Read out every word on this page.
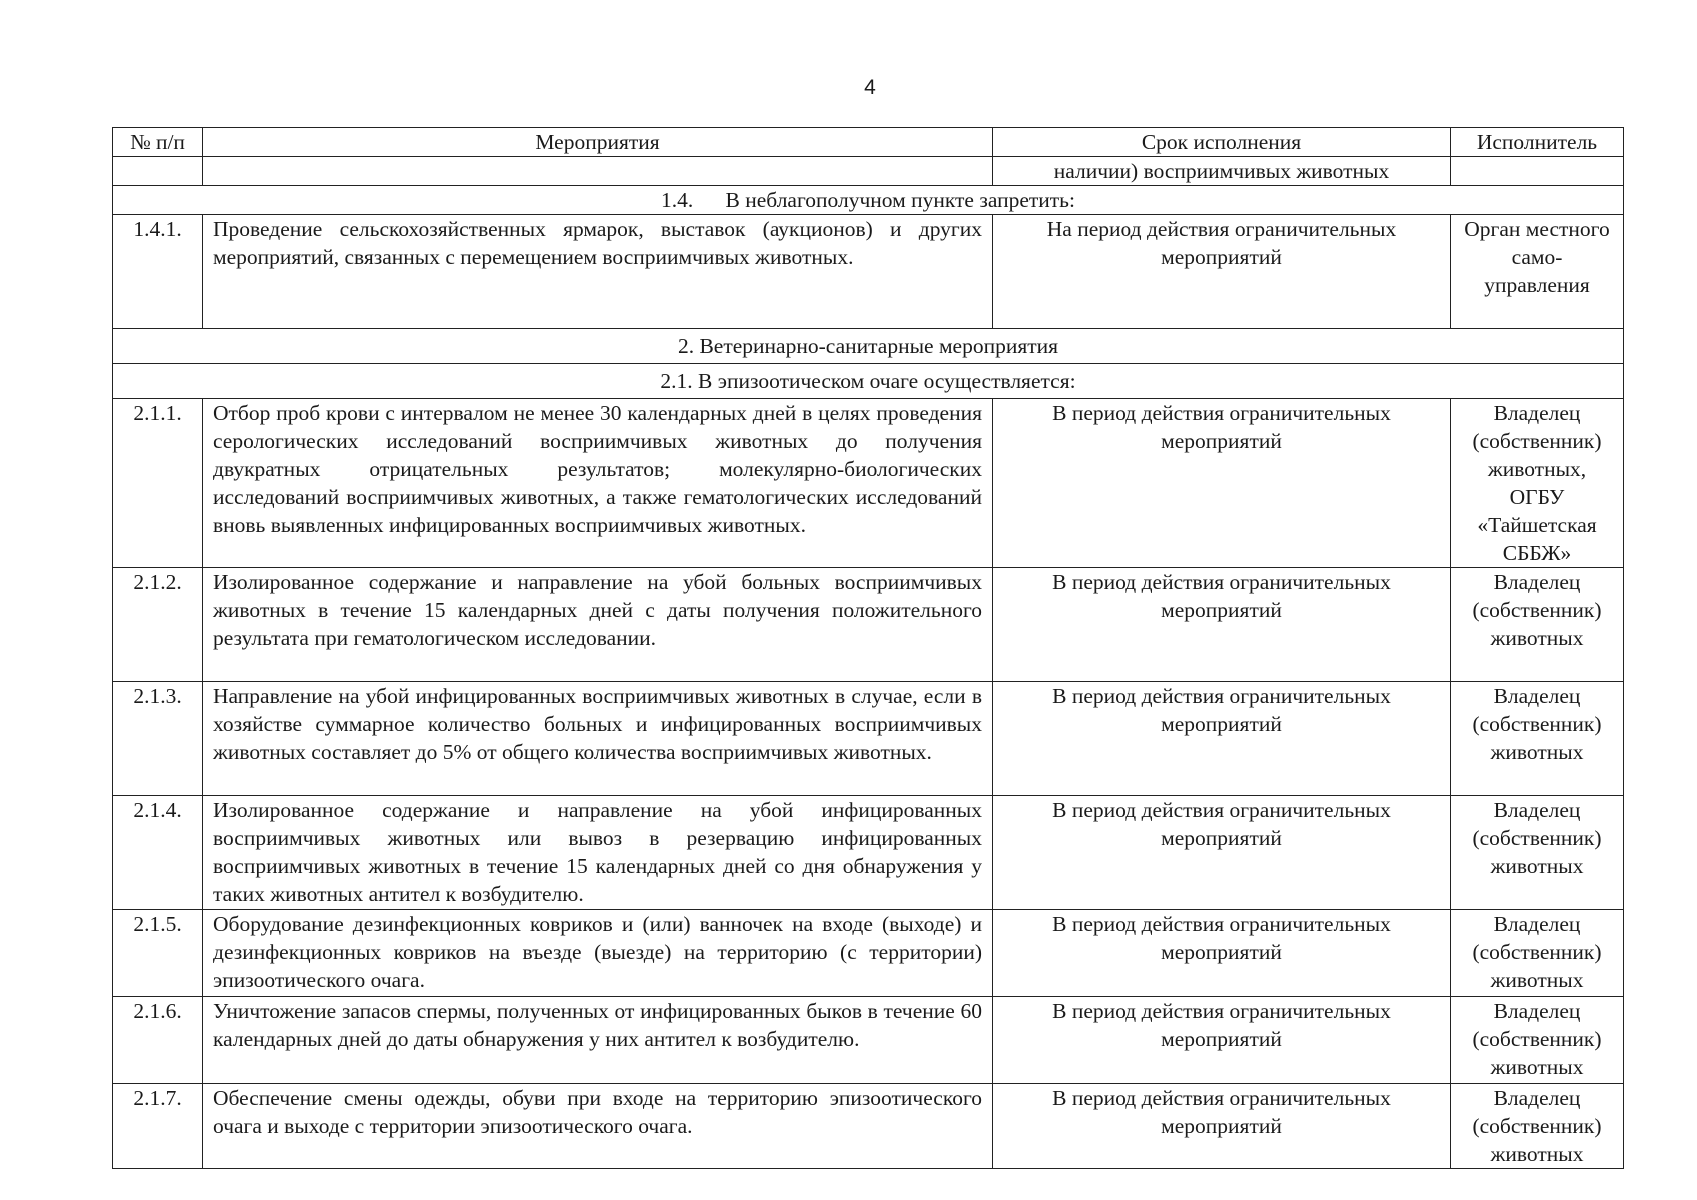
4
№ п/п	Мероприятия	Срок исполнения	Исполнитель
		наличии) восприимчивых животных	
1.4.      В неблагополучном пункте запретить:			
1.4.1.	Проведение сельскохозяйственных ярмарок, выставок (аукционов) и других мероприятий, связанных с перемещением восприимчивых животных.	На период действия ограничительных мероприятий	Орган местного само-управления
2. Ветеринарно-санитарные мероприятия			
2.1. В эпизоотическом очаге осуществляется:			
2.1.1.	Отбор проб крови с интервалом не менее 30 календарных дней в целях проведения серологических исследований восприимчивых животных до получения двукратных отрицательных результатов; молекулярно-биологических исследований восприимчивых животных, а также гематологических исследований вновь выявленных инфицированных восприимчивых животных.	В период действия ограничительных мероприятий	Владелец (собственник) животных, ОГБУ «Тайшетская СББЖ»
2.1.2.	Изолированное содержание и направление на убой больных восприимчивых животных в течение 15 календарных дней с даты получения положительного результата при гематологическом исследовании.	В период действия ограничительных мероприятий	Владелец (собственник) животных
2.1.3.	Направление на убой инфицированных восприимчивых животных в случае, если в хозяйстве суммарное количество больных и инфицированных восприимчивых животных составляет до 5% от общего количества восприимчивых животных.	В период действия ограничительных мероприятий	Владелец (собственник) животных
2.1.4.	Изолированное содержание и направление на убой инфицированных восприимчивых животных или вывоз в резервацию инфицированных восприимчивых животных в течение 15 календарных дней со дня обнаружения у таких животных антител к возбудителю.	В период действия ограничительных мероприятий	Владелец (собственник) животных
2.1.5.	Оборудование дезинфекционных ковриков и (или) ванночек на входе (выходе) и дезинфекционных ковриков на въезде (выезде) на территорию (с территории) эпизоотического очага.	В период действия ограничительных мероприятий	Владелец (собственник) животных
2.1.6.	Уничтожение запасов спермы, полученных от инфицированных быков в течение 60 календарных дней до даты обнаружения у них антител к возбудителю.	В период действия ограничительных мероприятий	Владелец (собственник) животных
2.1.7.	Обеспечение смены одежды, обуви при входе на территорию эпизоотического очага и выходе с территории эпизоотического очага.	В период действия ограничительных мероприятий	Владелец (собственник) животных
